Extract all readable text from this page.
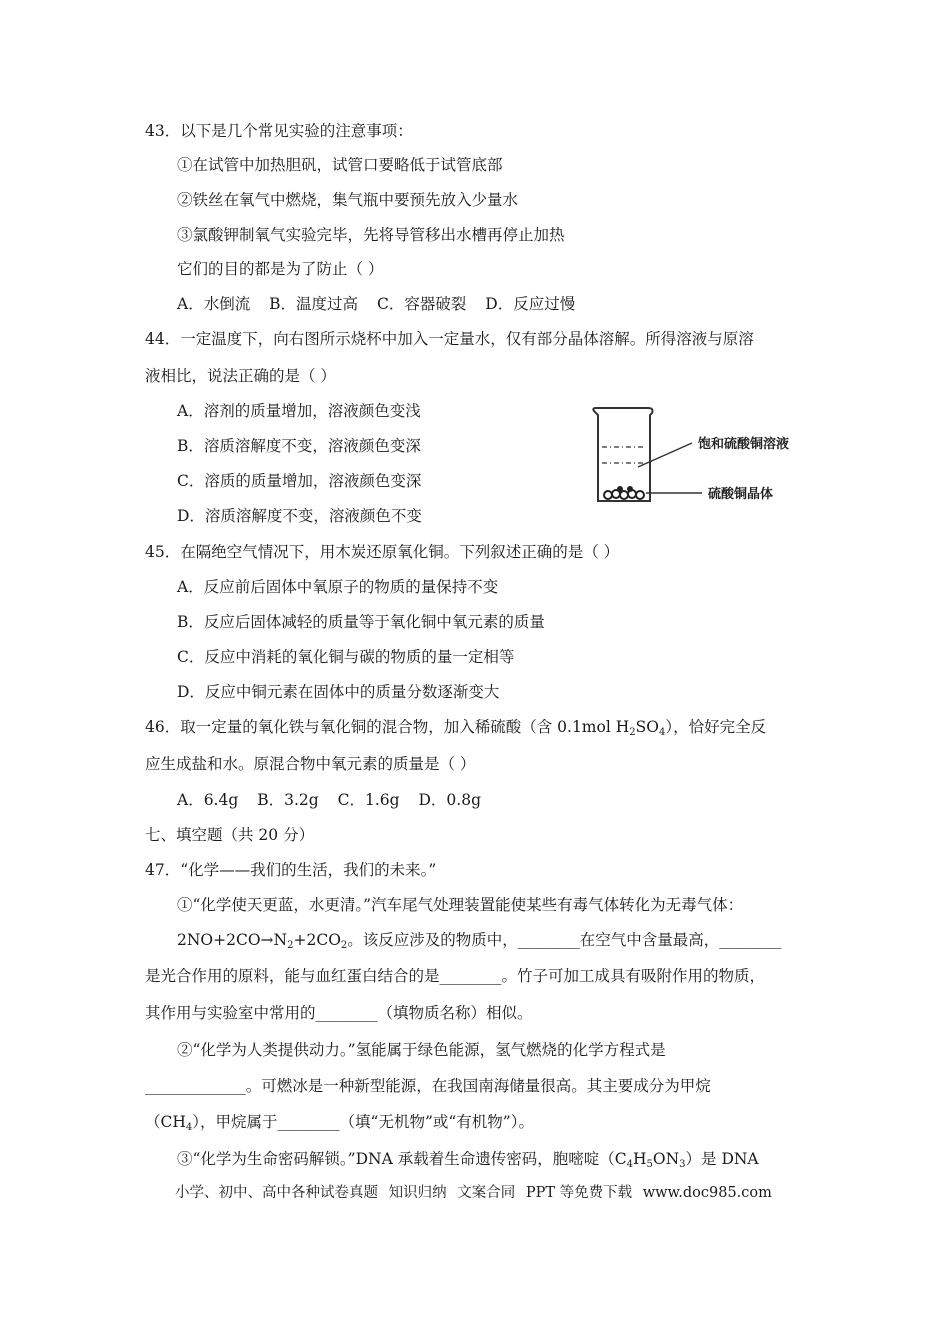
43．以下是几个常见实验的注意事项：
①在试管中加热胆矾，试管口要略低于试管底部
②铁丝在氧气中燃烧，集气瓶中要预先放入少量水
③氯酸钾制氧气实验完毕，先将导管移出水槽再停止加热
它们的目的都是为了防止（ ）
A．水倒流 B．温度过高 C．容器破裂 D．反应过慢
44．一定温度下，向右图所示烧杯中加入一定量水，仅有部分晶体溶解。所得溶液与原溶
液相比，说法正确的是（ ）
A．溶剂的质量增加，溶液颜色变浅
B．溶质溶解度不变，溶液颜色变深
C．溶质的质量增加，溶液颜色变深
D．溶质溶解度不变，溶液颜色不变
饱和硫酸铜溶液
硫酸铜晶体
45．在隔绝空气情况下，用木炭还原氧化铜。下列叙述正确的是（ ）
A．反应前后固体中氧原子的物质的量保持不变
B．反应后固体减轻的质量等于氧化铜中氧元素的质量
C．反应中消耗的氧化铜与碳的物质的量一定相等
D．反应中铜元素在固体中的质量分数逐渐变大
46．取一定量的氧化铁与氧化铜的混合物，加入稀硫酸（含 0.1mol $H_2SO_4$），恰好完全反
应生成盐和水。原混合物中氧元素的质量是（ ）
A．6.4g B．3.2g C．1.6g D．0.8g
七、填空题（共 20 分）
47．“化学——我们的生活，我们的未来。”
①“化学使天更蓝，水更清。”汽车尾气处理装置能使某些有毒气体转化为无毒气体：
$2NO+2CO\to N_2+2CO_2$。该反应涉及的物质中，________在空气中含量最高，________
是光合作用的原料，能与血红蛋白结合的是________。竹子可加工成具有吸附作用的物质，
其作用与实验室中常用的________（填物质名称）相似。
②“化学为人类提供动力。”氢能属于绿色能源，氢气燃烧的化学方程式是
_____________。可燃冰是一种新型能源，在我国南海储量很高。其主要成分为甲烷
$(CH_4)$，甲烷属于________（填“无机物”或“有机物”）。
③“化学为生命密码解锁。”DNA 承载着生命遗传密码，胞嘧啶$(C_4H_5ON_3)$是 DNA
小学、初中、高中各种试卷真题 知识归纳 文案合同 PPT 等免费下载 www.doc985.com
